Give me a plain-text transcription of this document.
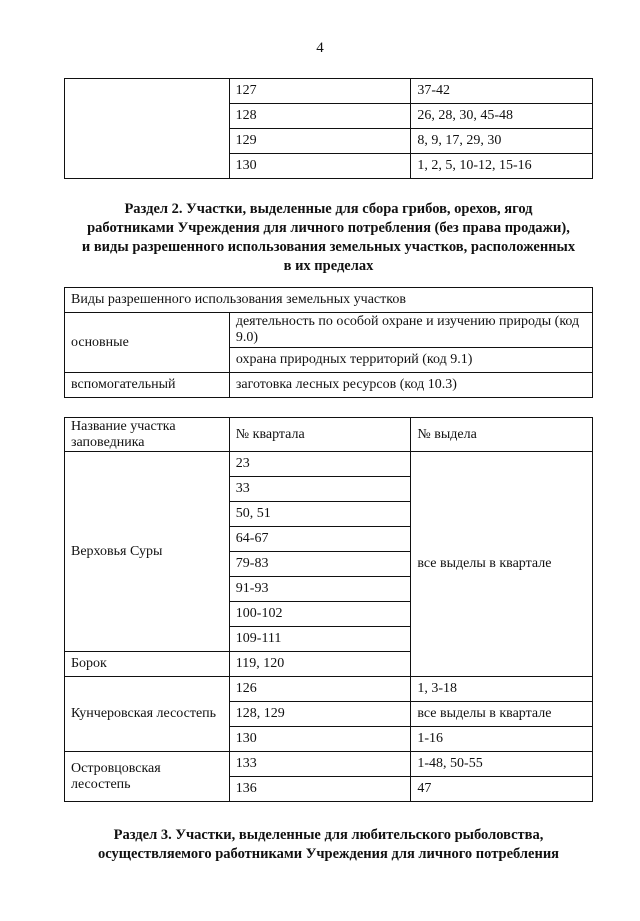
4
	127	37-42
	128	26, 28, 30, 45-48
	129	8, 9, 17, 29, 30
	130	1, 2, 5, 10-12, 15-16
Раздел 2. Участки, выделенные для сбора грибов, орехов, ягод
работниками Учреждения для личного потребления (без права продажи),
и виды разрешенного использования земельных участков, расположенных
в их пределах
Виды разрешенного использования земельных участков	
основные	деятельность по особой охране и изучению природы (код 9.0)
	охрана природных территорий (код 9.1)
вспомогательный	заготовка лесных ресурсов (код 10.3)
Название участка заповедника	№ квартала	№ выдела
Верховья Суры	23	все выделы в квартале
	33	
	50, 51	
	64-67	
	79-83	
	91-93	
	100-102	
	109-111	
Борок	119, 120	
Кунчеровская лесостепь	126	1, 3-18
	128, 129	все выделы в квартале
	130	1-16
Островцовская лесостепь	133	1-48, 50-55
	136	47
Раздел 3. Участки, выделенные для любительского рыболовства,
осуществляемого работниками Учреждения для личного потребления
